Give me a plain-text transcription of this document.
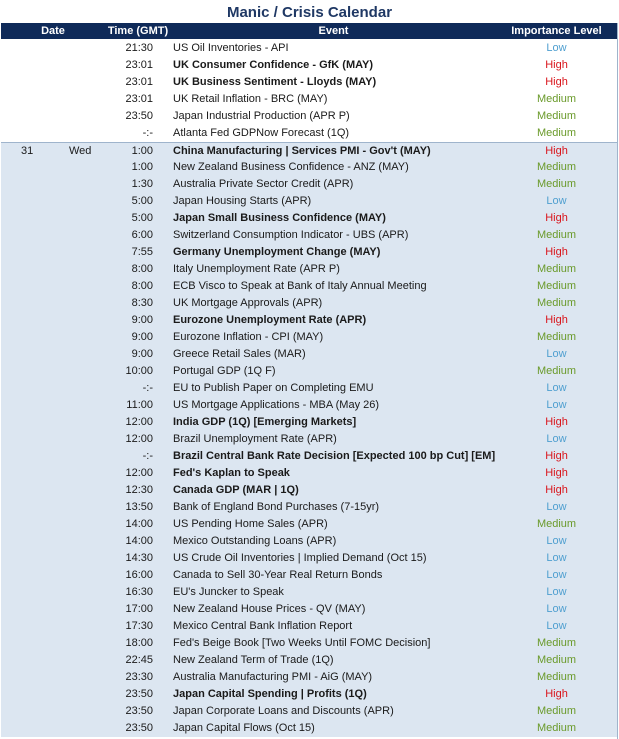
Manic / Crisis Calendar
Date	Time (GMT)	Event	Importance Level
21:30 US Oil Inventories - API	Low
23:01 UK Consumer Confidence - GfK (MAY)	High
23:01 UK Business Sentiment - Lloyds (MAY)	High
23:01 UK Retail Inflation - BRC (MAY)	Medium
23:50 Japan Industrial Production (APR P)	Medium
-:- Atlanta Fed GDPNow Forecast (1Q)	Medium
31	Wed	1:00 China Manufacturing | Services PMI - Gov't (MAY)	High
1:00 New Zealand Business Confidence - ANZ (MAY)	Medium
1:30 Australia Private Sector Credit (APR)	Medium
5:00 Japan Housing Starts (APR)	Low
5:00 Japan Small Business Confidence (MAY)	High
6:00 Switzerland Consumption Indicator - UBS (APR)	Medium
7:55 Germany Unemployment Change (MAY)	High
8:00 Italy Unemployment Rate (APR P)	Medium
8:00 ECB Visco to Speak at Bank of Italy Annual Meeting	Medium
8:30 UK Mortgage Approvals (APR)	Medium
9:00 Eurozone Unemployment Rate (APR)	High
9:00 Eurozone Inflation - CPI (MAY)	Medium
9:00 Greece Retail Sales (MAR)	Low
10:00 Portugal GDP (1Q F)	Medium
-:- EU to Publish Paper on Completing EMU	Low
11:00 US Mortgage Applications - MBA (May 26)	Low
12:00 India GDP (1Q) [Emerging Markets]	High
12:00 Brazil Unemployment Rate (APR)	Low
-:- Brazil Central Bank Rate Decision [Expected 100 bp Cut] [EM]	High
12:00 Fed's Kaplan to Speak	High
12:30 Canada GDP (MAR | 1Q)	High
13:50 Bank of England Bond Purchases (7-15yr)	Low
14:00 US Pending Home Sales (APR)	Medium
14:00 Mexico Outstanding Loans (APR)	Low
14:30 US Crude Oil Inventories | Implied Demand (Oct 15)	Low
16:00 Canada to Sell 30-Year Real Return Bonds	Low
16:30 EU's Juncker to Speak	Low
17:00 New Zealand House Prices - QV (MAY)	Low
17:30 Mexico Central Bank Inflation Report	Low
18:00 Fed's Beige Book [Two Weeks Until FOMC Decision]	Medium
22:45 New Zealand Term of Trade (1Q)	Medium
23:30 Australia Manufacturing PMI - AiG (MAY)	Medium
23:50 Japan Capital Spending | Profits (1Q)	High
23:50 Japan Corporate Loans and Discounts (APR)	Medium
23:50 Japan Capital Flows (Oct 15)	Medium
